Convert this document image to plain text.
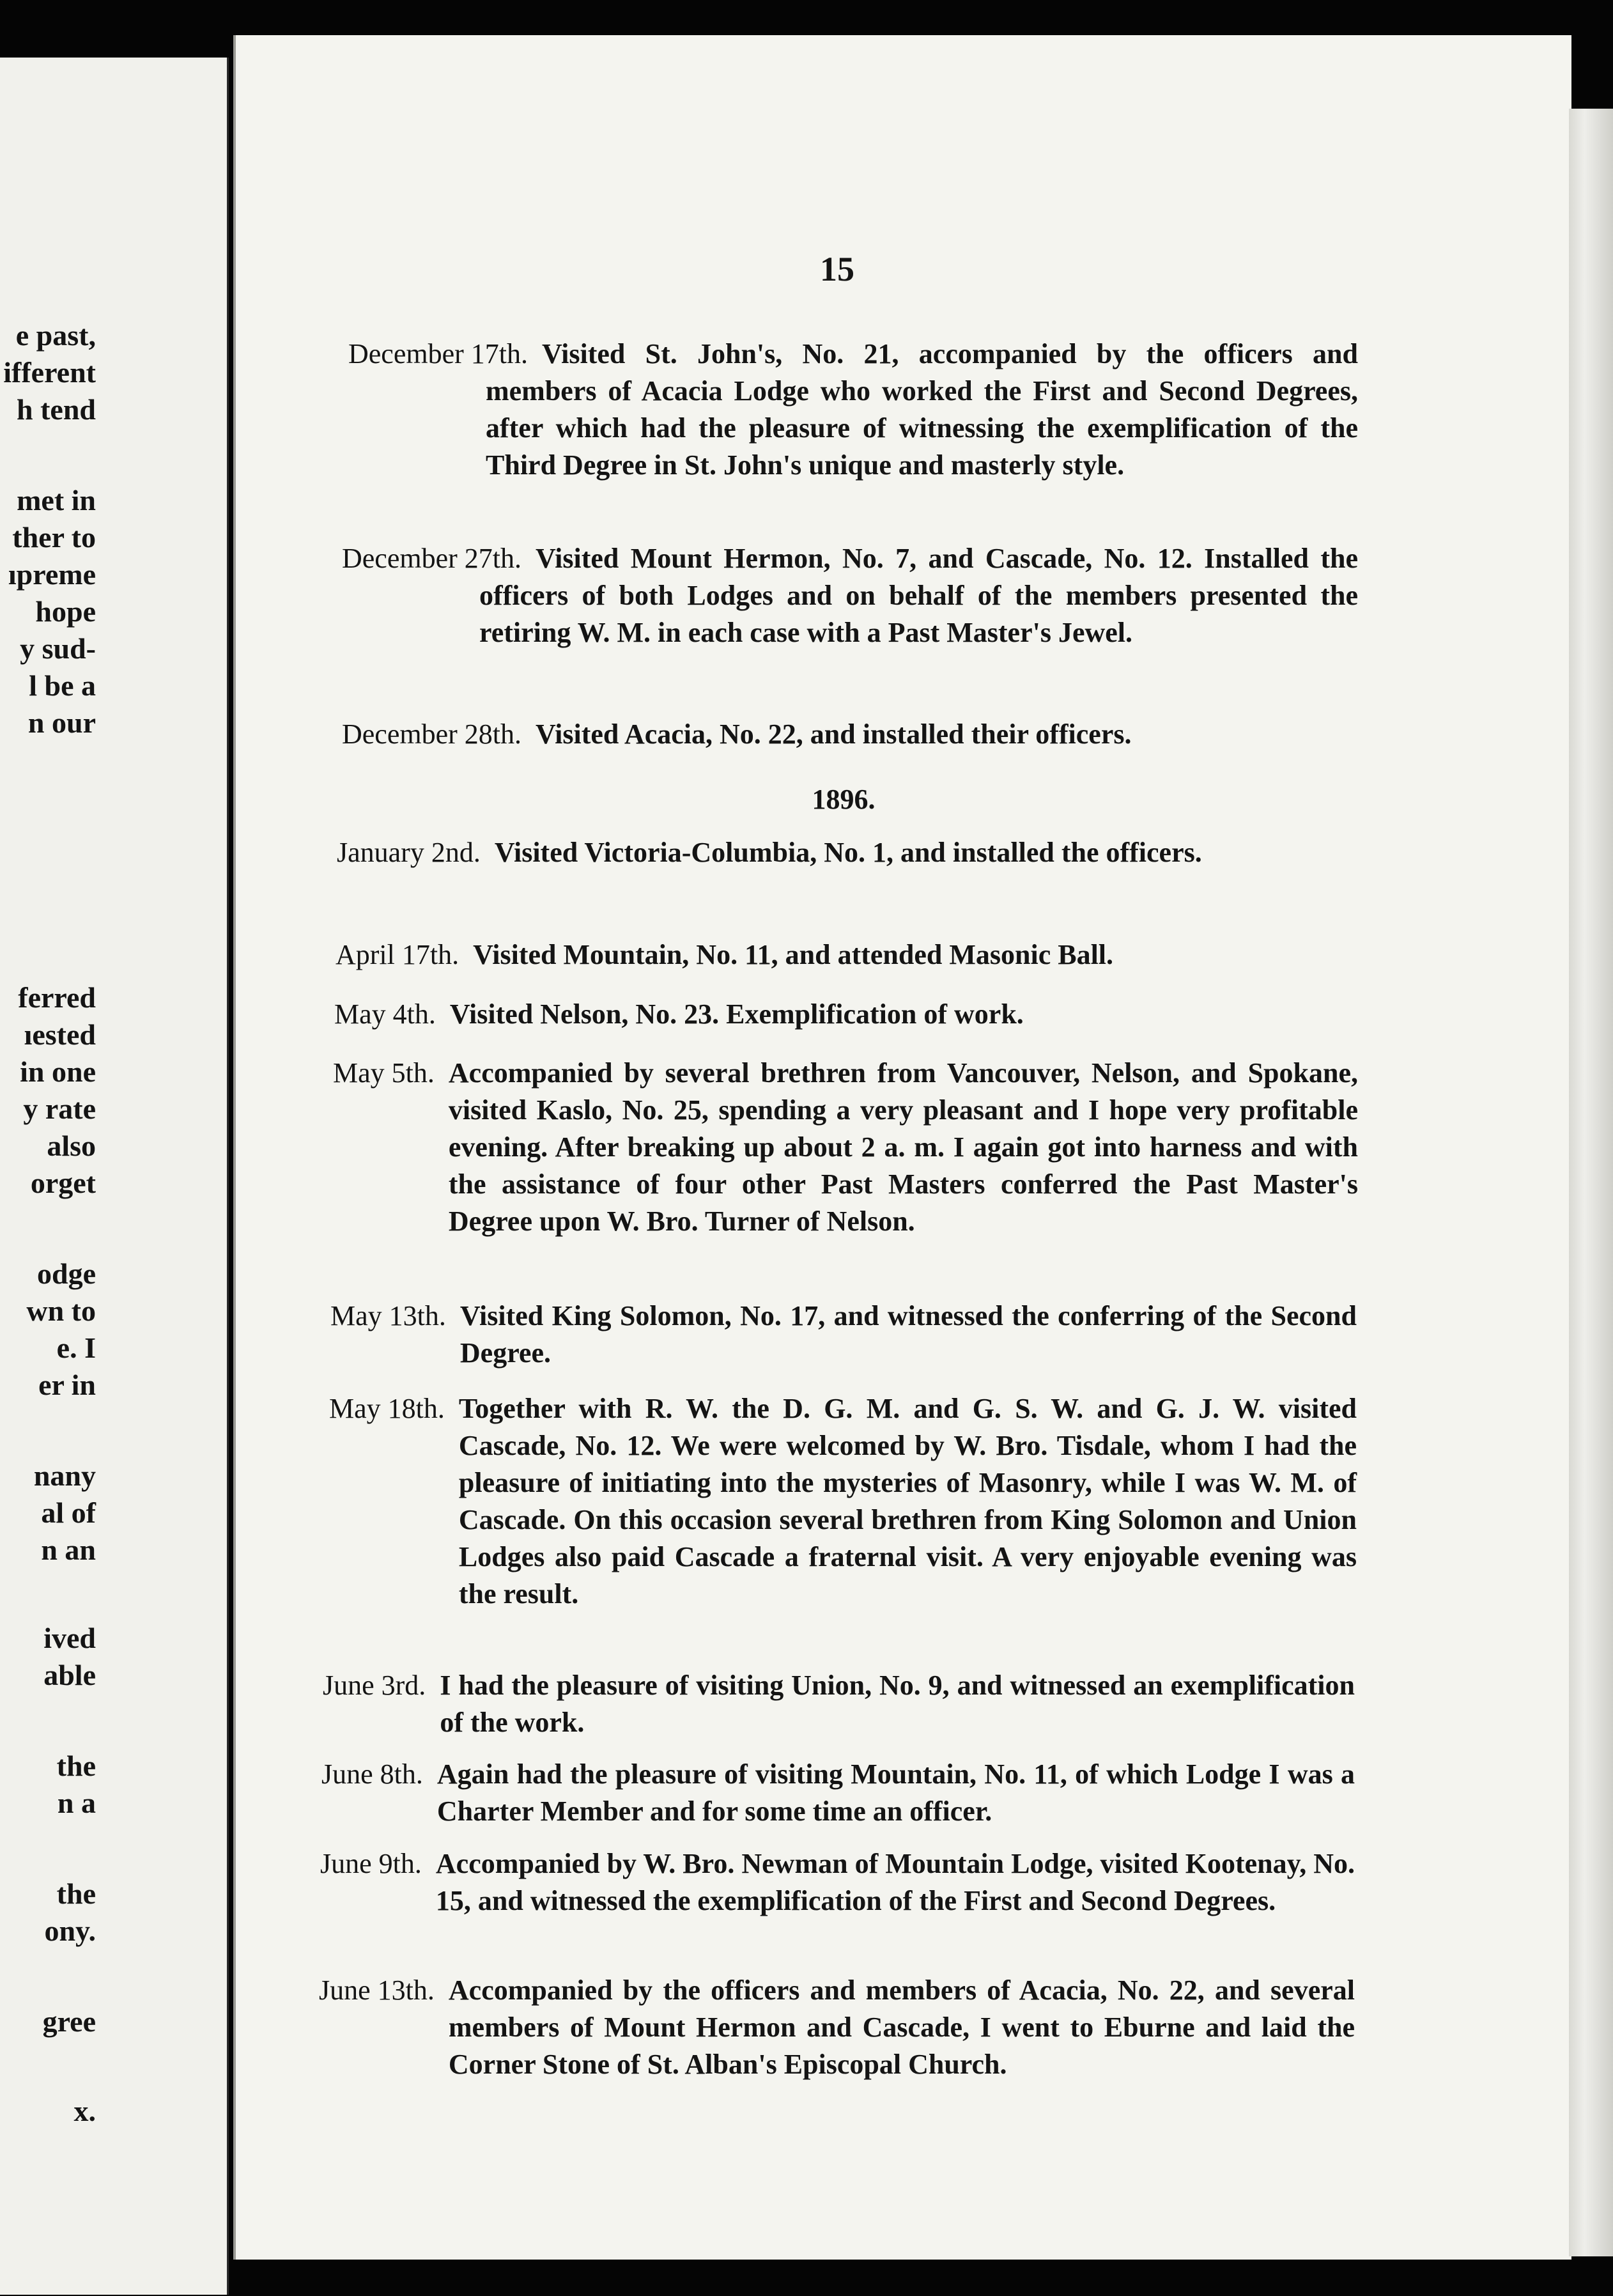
e past,
ifferent
h tend
met in
ther to
ıpreme
hope
y sud-
l be a
n our
ferred
ıested
in one
y rate
also
orget
odge
wn to
e. I
er in
nany
al of
n an
ived
able
the
n a
the
ony.
gree
x.
15
1896.
December 17th. Visited St. John's, No. 21, accompanied by the officers and members of Acacia Lodge who worked the First and Second Degrees, after which had the pleasure of witnessing the exemplification of the Third Degree in St. John's unique and masterly style.
December 27th. Visited Mount Hermon, No. 7, and Cascade, No. 12. Installed the officers of both Lodges and on behalf of the members presented the retiring W. M. in each case with a Past Master's Jewel.
December 28th. Visited Acacia, No. 22, and installed their officers.
January 2nd. Visited Victoria-Columbia, No. 1, and installed the officers.
April 17th. Visited Mountain, No. 11, and attended Masonic Ball.
May 4th. Visited Nelson, No. 23. Exemplification of work.
May 5th. Accompanied by several brethren from Vancouver, Nelson, and Spokane, visited Kaslo, No. 25, spending a very pleasant and I hope very profitable evening. After breaking up about 2 a. m. I again got into harness and with the assistance of four other Past Masters conferred the Past Master's Degree upon W. Bro. Turner of Nelson.
May 13th. Visited King Solomon, No. 17, and witnessed the conferring of the Second Degree.
May 18th. Together with R. W. the D. G. M. and G. S. W. and G. J. W. visited Cascade, No. 12. We were welcomed by W. Bro. Tisdale, whom I had the pleasure of initiating into the mysteries of Masonry, while I was W. M. of Cascade. On this occasion several brethren from King Solomon and Union Lodges also paid Cascade a fraternal visit. A very enjoyable evening was the result.
June 3rd. I had the pleasure of visiting Union, No. 9, and witnessed an exemplification of the work.
June 8th. Again had the pleasure of visiting Mountain, No. 11, of which Lodge I was a Charter Member and for some time an officer.
June 9th. Accompanied by W. Bro. Newman of Mountain Lodge, visited Kootenay, No. 15, and witnessed the exemplification of the First and Second Degrees.
June 13th. Accompanied by the officers and members of Acacia, No. 22, and several members of Mount Hermon and Cascade, I went to Eburne and laid the Corner Stone of St. Alban's Episcopal Church.
